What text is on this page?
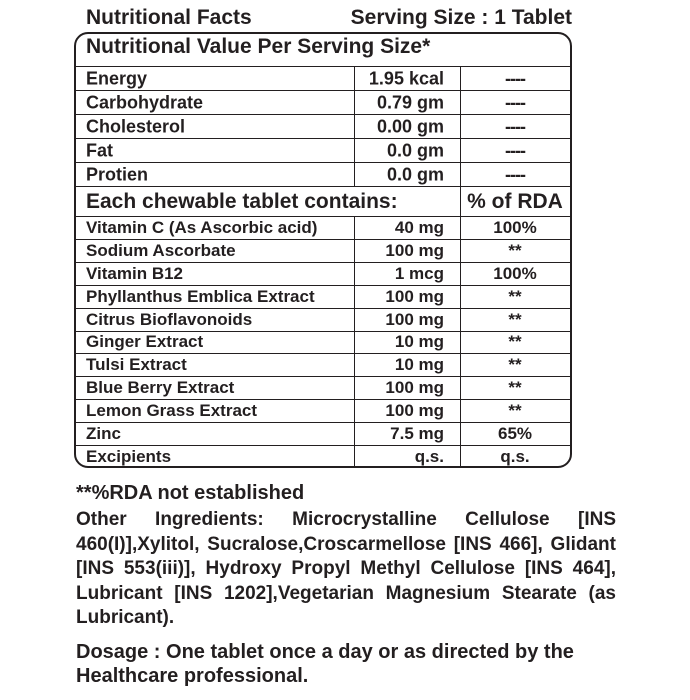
Nutritional Facts	Serving Size : 1 Tablet
Nutritional Value Per Serving Size*
Energy	1.95 kcal	----
Carbohydrate	0.79 gm	----
Cholesterol	0.00 gm	----
Fat	0.0 gm	----
Protien	0.0 gm	----
Each chewable tablet contains:	% of RDA
Vitamin C (As Ascorbic acid)	40 mg	100%
Sodium Ascorbate	100 mg	**
Vitamin B12	1 mcg	100%
Phyllanthus Emblica Extract	100 mg	**
Citrus Bioflavonoids	100 mg	**
Ginger Extract	10 mg	**
Tulsi Extract	10 mg	**
Blue Berry Extract	100 mg	**
Lemon Grass Extract	100 mg	**
Zinc	7.5 mg	65%
Excipients	q.s.	q.s.
**%RDA not established
Other Ingredients: Microcrystalline Cellulose [INS 460(I)],Xylitol, Sucralose,Croscarmellose [INS 466], Glidant [INS 553(iii)], Hydroxy Propyl Methyl Cellulose [INS 464], Lubricant [INS 1202],Vegetarian Magnesium Stearate (as Lubricant).
Dosage : One tablet once a day or as directed by the Healthcare professional.
